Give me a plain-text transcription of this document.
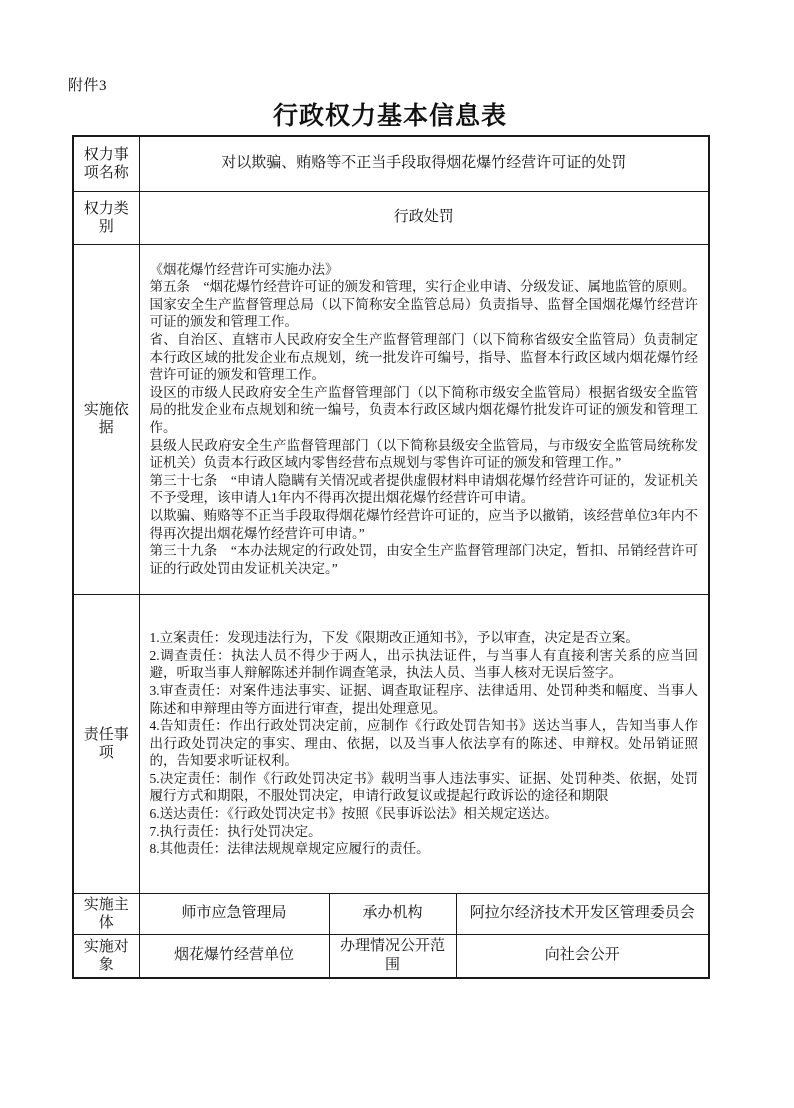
附件3
行政权力基本信息表
权力事项名称	对以欺骗、贿赂等不正当手段取得烟花爆竹经营许可证的处罚		
权力类别	行政处罚		
实施依据	
《烟花爆竹经营许可实施办法》
第五条　“烟花爆竹经营许可证的颁发和管理，实行企业申请、分级发证、属地监管的原则。
国家安全生产监督管理总局（以下简称安全监管总局）负责指导、监督全国烟花爆竹经营许可证的颁发和管理工作。
省、自治区、直辖市人民政府安全生产监督管理部门（以下简称省级安全监管局）负责制定本行政区域的批发企业布点规划，统一批发许可编号，指导、监督本行政区域内烟花爆竹经营许可证的颁发和管理工作。
设区的市级人民政府安全生产监督管理部门（以下简称市级安全监管局）根据省级安全监管局的批发企业布点规划和统一编号，负责本行政区域内烟花爆竹批发许可证的颁发和管理工作。
县级人民政府安全生产监督管理部门（以下简称县级安全监管局，与市级安全监管局统称发证机关）负责本行政区域内零售经营布点规划与零售许可证的颁发和管理工作。”
第三十七条　“申请人隐瞒有关情况或者提供虚假材料申请烟花爆竹经营许可证的，发证机关不予受理，该申请人1年内不得再次提出烟花爆竹经营许可申请。
以欺骗、贿赂等不正当手段取得烟花爆竹经营许可证的，应当予以撤销，该经营单位3年内不得再次提出烟花爆竹经营许可申请。”
第三十九条　“本办法规定的行政处罚，由安全生产监督管理部门决定，暂扣、吊销经营许可证的行政处罚由发证机关决定。”

责任事项	
1.立案责任：发现违法行为，下发《限期改正通知书》，予以审查，决定是否立案。
2.调查责任：执法人员不得少于两人，出示执法证件，与当事人有直接利害关系的应当回避，听取当事人辩解陈述并制作调查笔录，执法人员、当事人核对无误后签字。
3.审查责任：对案件违法事实、证据、调查取证程序、法律适用、处罚种类和幅度、当事人陈述和申辩理由等方面进行审查，提出处理意见。
4.告知责任：作出行政处罚决定前，应制作《行政处罚告知书》送达当事人，告知当事人作出行政处罚决定的事实、理由、依据，以及当事人依法享有的陈述、申辩权。处吊销证照的，告知要求听证权利。
5.决定责任：制作《行政处罚决定书》载明当事人违法事实、证据、处罚种类、依据，处罚履行方式和期限，不服处罚决定，申请行政复议或提起行政诉讼的途径和期限
6.送达责任：《行政处罚决定书》按照《民事诉讼法》相关规定送达。
7.执行责任：执行处罚决定。
8.其他责任：法律法规规章规定应履行的责任。

实施主体	师市应急管理局	承办机构	阿拉尔经济技术开发区管理委员会
实施对象	烟花爆竹经营单位	办理情况公开范围	向社会公开
